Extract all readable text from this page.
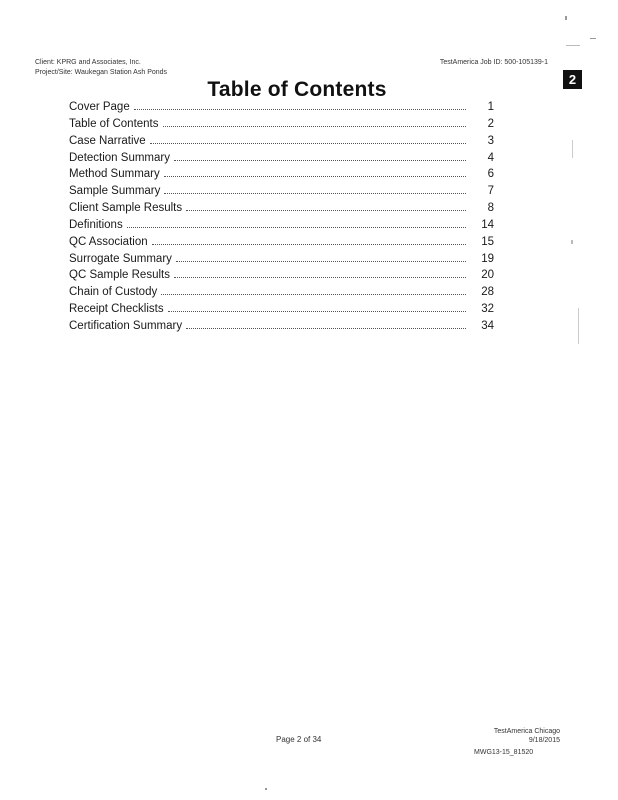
Client: KPRG and Associates, Inc.
Project/Site: Waukegan Station Ash Ponds
TestAmerica Job ID: 500-105139-1
2
Table of Contents
Cover Page	1
Table of Contents	2
Case Narrative	3
Detection Summary	4
Method Summary	6
Sample Summary	7
Client Sample Results	8
Definitions	14
QC Association	15
Surrogate Summary	19
QC Sample Results	20
Chain of Custody	28
Receipt Checklists	32
Certification Summary	34
Page 2 of 34
TestAmerica Chicago
9/18/2015
MWG13-15_81520
